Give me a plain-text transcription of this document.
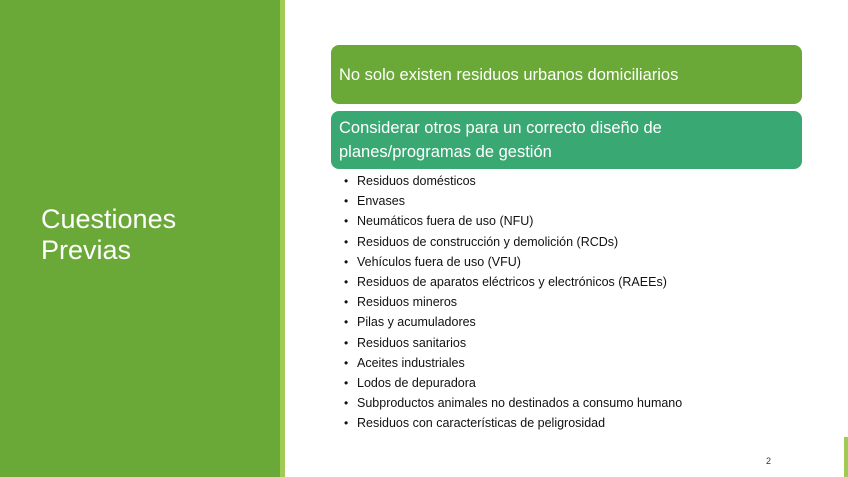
Cuestiones Previas
No solo existen residuos urbanos domiciliarios
Considerar otros para un correcto diseño de planes/programas de gestión
• Residuos domésticos
• Envases
• Neumáticos fuera de uso (NFU)
• Residuos de construcción y demolición (RCDs)
• Vehículos fuera de uso (VFU)
• Residuos de aparatos eléctricos y electrónicos (RAEEs)
• Residuos mineros
• Pilas y acumuladores
• Residuos sanitarios
• Aceites industriales
• Lodos de depuradora
• Subproductos animales no destinados a consumo humano
• Residuos con características de peligrosidad
2
